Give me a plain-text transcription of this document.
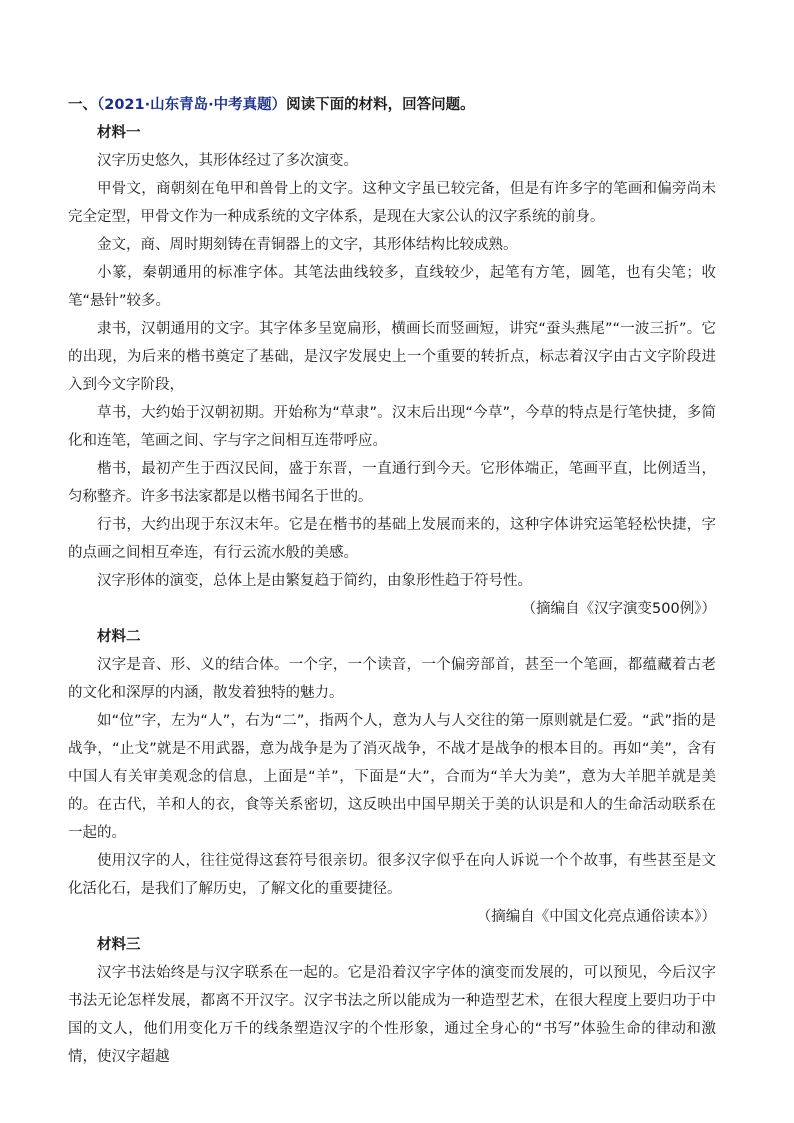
一、（2021·山东青岛·中考真题）阅读下面的材料，回答问题。
材料一

汉字历史悠久，其形体经过了多次演变。

甲骨文，商朝刻在龟甲和兽骨上的文字。这种文字虽已较完备，但是有许多字的笔画和偏旁尚未完全定型，甲骨文作为一种成系统的文字体系，是现在大家公认的汉字系统的前身。

金文，商、周时期刻铸在青铜器上的文字，其形体结构比较成熟。

小篆，秦朝通用的标准字体。其笔法曲线较多，直线较少，起笔有方笔，圆笔，也有尖笔；收笔“悬针”较多。

隶书，汉朝通用的文字。其字体多呈宽扁形，横画长而竖画短，讲究“蚕头燕尾”“一波三折”。它的出现，为后来的楷书奠定了基础，是汉字发展史上一个重要的转折点，标志着汉字由古文字阶段进入到今文字阶段，

草书，大约始于汉朝初期。开始称为“草隶”。汉末后出现“今草”，今草的特点是行笔快捷，多简化和连笔，笔画之间、字与字之间相互连带呼应。

楷书，最初产生于西汉民间，盛于东晋，一直通行到今天。它形体端正，笔画平直，比例适当，匀称整齐。许多书法家都是以楷书闻名于世的。

行书，大约出现于东汉末年。它是在楷书的基础上发展而来的，这种字体讲究运笔轻松快捷，字的点画之间相互牵连，有行云流水般的美感。

汉字形体的演变，总体上是由繁复趋于简约，由象形性趋于符号性。

（摘编自《汉字演变500例》）

材料二

汉字是音、形、义的结合体。一个字，一个读音，一个偏旁部首，甚至一个笔画，都蕴藏着古老的文化和深厚的内涵，散发着独特的魅力。

如“位”字，左为“人”，右为“二”，指两个人，意为人与人交往的第一原则就是仁爱。“武”指的是战争，“止戈”就是不用武器，意为战争是为了消灭战争，不战才是战争的根本目的。再如“美”，含有中国人有关审美观念的信息，上面是“羊”，下面是“大”，合而为“羊大为美”，意为大羊肥羊就是美的。在古代，羊和人的衣，食等关系密切，这反映出中国早期关于美的认识是和人的生命活动联系在一起的。

使用汉字的人，往往觉得这套符号很亲切。很多汉字似乎在向人诉说一个个故事，有些甚至是文化活化石，是我们了解历史，了解文化的重要捷径。

（摘编自《中国文化亮点通俗读本》）

材料三

汉字书法始终是与汉字联系在一起的。它是沿着汉字字体的演变而发展的，可以预见，今后汉字书法无论怎样发展，都离不开汉字。汉字书法之所以能成为一种造型艺术，在很大程度上要归功于中国的文人，他们用变化万千的线条塑造汉字的个性形象，通过全身心的“书写”体验生命的律动和激情，使汉字超越
